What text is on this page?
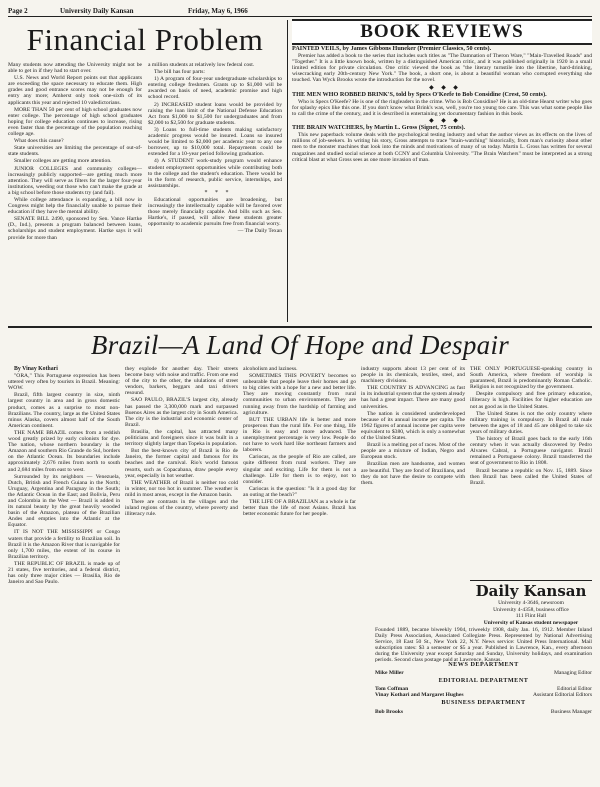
Page 2	University Daily Kansan	Friday, May 6, 1966
Financial Problem

Many students now attending the University might not be able to get in if they had to start over.

U.S. News and World Report points out that applicants are exceeding the space necessary to educate them. High grades and good entrance scores may not be enough for entry any more; Amherst only took one-sixth of its applicants this year and rejected 10 valedictorians.

MORE THAN 50 per cent of high school graduates now enter college. The percentage of high school graduates hoping for college education continues to increase, rising even faster than the percentage of the population reaching college age.

What does this cause?

State universities are limiting the percentage of out-of-state students.

Smaller colleges are getting more attention.

JUNIOR COLLEGES and community colleges—increasingly publicly supported—are getting much more attention. They will serve as filters for the larger four-year institutions, weeding out those who can't make the grade at a big school before those students try (and fail).

While college attendance is expanding, a bill now in Congress might help the financially unable to pursue their education if they have the mental ability.

SENATE BILL 2490, sponsored by Sen. Vance Hartke (D., Ind.), presents a program balanced between loans, scholarships and student employment. Hartke says it will provide for more than

a million students at relatively low federal cost.

The bill has four parts:

1) A program of four-year undergraduate scholarships to entering college freshmen. Grants up to $1,000 will be awarded on basis of need, academic promise and high school record.

2) INCREASED student loans would be provided by raising the loan limit of the National Defense Education Act from $1,000 to $1,500 for undergraduates and from $2,000 to $2,500 for graduate students.

3) Loans to full-time students making satisfactory academic progress would be insured. Loans so insured would be limited to $2,000 per academic year to any one borrower, up to $10,000 total. Repayments could be extended for a 10-year period following graduation.

4) A STUDENT work-study program would enhance student employment opportunities while contributing both to the college and the student's education. There would be in the form of research, public service, internships, and assistantships.

* * *

Educational opportunities are broadening, but increasingly the intellectually capable will be favored over those merely financially capable. And bills such as Sen. Hartke's, if passed, will allow these students greater opportunity to academic pursuits free from financial worry.

— The Daily Texan

BOOK REVIEWS

PAINTED VEILS, by James Gibbons Huneker (Premier Classics, 50 cents).

Premier has added a book to the series that includes such titles as "The Damnation of Theron Ware," "Main-Travelled Roads" and "Together." It is a little known book, written by a distinguished American critic, and it was published originally in 1920 in a small limited edition for private circulation. One critic viewed the book as "the literary turnstile into the libertine, hard-drinking, wisecracking early 20th-century New York." The book, a short one, is about a beautiful woman who corrupted everything she touched. Van Wyck Brooks wrote the introduction for the novel.

◆ ◆ ◆

THE MEN WHO ROBBED BRINK'S, told by Specs O'Keefe to Bob Considine (Crest, 50 cents).

Who is Specs O'Keefe? He is one of the ringleaders in the crime. Who is Bob Considine? He is an old-time Hearst writer who goes for splashy epics like this one. If you don't know what Brink's was, well, you're too young too care. This was what some people like to call the crime of the century, and it is described in entertaining yet documentary fashion in this book.

◆ ◆ ◆

THE BRAIN WATCHERS, by Martin L. Gross (Signet, 75 cents).

This new paperback volume deals with the psychological testing industry and what the author views as its effects on the lives of millions of job-seekers. In writing his story, Gross attempts to trace "brain-watching" historically, from man's curiosity about other men to the monster machines that look into the minds and motivations of many of us today. Martin L. Gross has written for several magazines and studied social science at both CCNY and Columbia University. "The Brain Watchers" must be interpreted as a strong critical blast at what Gross sees as one more invasion of man.

Brazil—A Land Of Hope and Despair

By Vinay Kothari

"ORA," This Portuguese expression has been uttered very often by tourists in Brazil. Meaning: WOW.

Brazil, fifth largest country in size, ninth largest country in area and in gross domestic product, comes as a surprise to most non-Brazilians. The country, large as the United States minus Alaska, covers almost half of the South American continent.

THE NAME BRAZIL comes from a reddish wood greatly prized by early colonists for dye. The nation, whose northern boundary is the Amazon and southern Rio Grande do Sul, borders on the Atlantic Ocean. Its boundaries include approximately 2,676 miles from north to south and 2,684 miles from east to west.

Surrounded by its neighbors — Venezuela, Dutch, British and French Guiana in the North; Uruguay, Argentina and Paraguay in the South; the Atlantic Ocean in the East; and Bolivia, Peru and Colombia in the West — Brazil is added in its natural beauty by the great heavily wooded basin of the Amazon, plateau of the Brazilian Andes and empties into the Atlantic at the Equator.

IT IS NOT THE MISSISSIPPI or Congo waters that provide a fertility to Brazilian soil. In Brazil it is the Amazon River that is navigable for only 1,700 miles, the extent of its course in Brazilian territory.

THE REPUBLIC OF BRAZIL is made up of 21 states, five territories, and a federal district, has only three major cities — Brasilia, Rio de Janeiro and Sao Paulo.

they explode for another day. Their streets become busy with noise and traffic. From one end of the city to the other, the ululations of street vendors, barkers, beggars and taxi drivers resound.

SAO PAULO, BRAZIL'S largest city, already has passed the 3,300,000 mark and surpassed Buenos Aires as the largest city in South America. The city is the industrial and economic center of Brazil.

Brasilia, the capital, has attracted many politicians and foreigners since it was built in a territory slightly larger than Topeka in population.

But the best-known city of Brazil is Rio de Janeiro, the former capital and famous for its beaches and the carnival. Rio's world famous resorts, such as Copacabana, draw people every year, especially in hot weather.

THE WEATHER of Brazil is neither too cold in winter, nor too hot in summer. The weather is mild in most areas, except in the Amazon basin.

There are contrasts in the villages and the inland regions of the country, where poverty and illiteracy rule.

alcoholism and laziness.

SOMETIMES THIS POVERTY becomes so unbearable that people leave their homes and go to big cities with a hope for a new and better life. They are moving constantly from rural communities to urban environments. They are running away from the hardship of farming and agriculture.

BUT THE URBAN life is better and more prosperous than the rural life. For one thing, life in Rio is easy and more advanced. The unemployment percentage is very low. People do not have to work hard like northeast farmers and laborers.

Cariocas, as the people of Rio are called, are quite different from rural workers. They are singular and exciting. Life for them is not a challenge. Life for them is to enjoy, not to consider.

Cariocas is the question: "Is it a good day for an outing at the beach?"

THE LIFE OF A BRAZILIAN as a whole is far better than the life of most Asians. Brazil has better economic future for her people.

industry supports about 13 per cent of its people in its chemicals, textiles, steel, and machinery divisions.

THE COUNTRY IS ADVANCING as fast in its industrial system that the system already has had a great impact. There are many good universities.

The nation is considered underdeveloped because of its annual income per capita. The 1962 figures of annual income per capita were equivalent to $380, which is only a somewhat of the United States.

Brazil is a melting pot of races. Most of the people are a mixture of Indian, Negro and European stock.

Brazilian men are handsome, and women are beautiful. They are fond of Brazilians, and they do not have the desire to compete with them.

THE ONLY PORTUGUESE-speaking country in South America, where freedom of worship is guaranteed, Brazil is predominantly Roman Catholic. Religion is not recognized by the government.

Despite compulsory and free primary education, illiteracy is high. Facilities for higher education are not as good as in the United States.

The United States is not the only country where military training is compulsory. In Brazil all male between the ages of 18 and 45 are obliged to take six years of military duties.

The history of Brazil goes back to the early 16th century when it was actually discovered by Pedro Alvares Cabral, a Portuguese navigator. Brazil remained a Portuguese colony. Brazil transferred the seat of government to Rio in 1808.

Brazil became a republic on Nov. 15, 1889. Since then Brazil has been called the United States of Brazil.

Daily Kansan
University 4-3646, newsroom
University 4-4358, business office
111 Flint Hall
University of Kansas student newspaper

Founded 1889, became biweekly 1904, triweekly 1908, daily Jan. 16, 1912. Member Inland Daily Press Association, Associated Collegiate Press. Represented by National Advertising Service, 18 East 50 St., New York 22, N.Y. News service: United Press International. Mail subscription rates: $3 a semester or $5 a year. Published in Lawrence, Kan., every afternoon during the University year except Saturday and Sunday, University holidays, and examination periods. Second class postage paid at Lawrence, Kansas.

NEWS DEPARTMENT
Mike Miller	Managing Editor
EDITORIAL DEPARTMENT
Tom Coffman	Editorial Editor
Vinay Kothari and Margaret Hughes	Assistant Editorial Editors
BUSINESS DEPARTMENT
Bob Brooks	Business Manager
